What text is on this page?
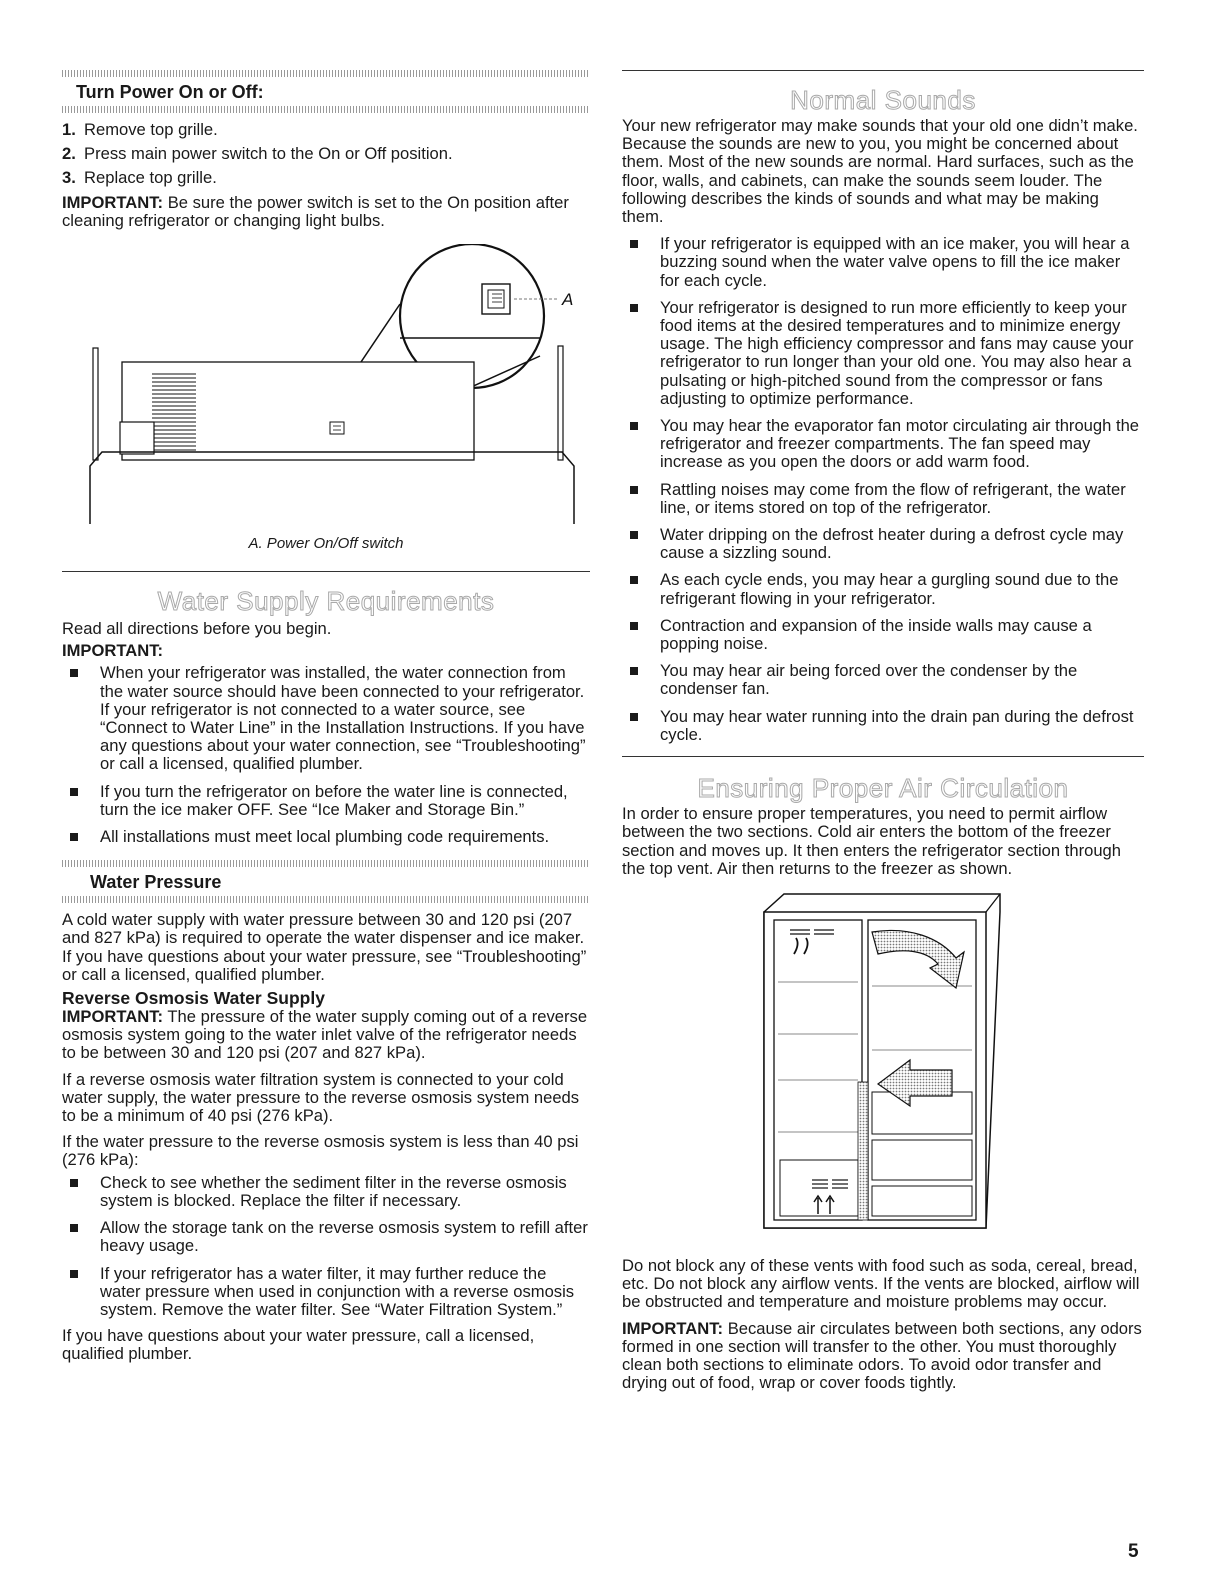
Turn Power On or Off:
1. Remove top grille.
2. Press main power switch to the On or Off position.
3. Replace top grille.

IMPORTANT: Be sure the power switch is set to the On position after cleaning refrigerator or changing light bulbs.

A
A. Power On/Off switch
Water Supply Requirements

Read all directions before you begin.

IMPORTANT:

When your refrigerator was installed, the water connection from the water source should have been connected to your refrigerator. If your refrigerator is not connected to a water source, see “Connect to Water Line” in the Installation Instructions. If you have any questions about your water connection, see “Troubleshooting” or call a licensed, qualified plumber.
If you turn the refrigerator on before the water line is connected, turn the ice maker OFF. See “Ice Maker and Storage Bin.”
All installations must meet local plumbing code requirements.
Water Pressure

A cold water supply with water pressure between 30 and 120 psi (207 and 827 kPa) is required to operate the water dispenser and ice maker. If you have questions about your water pressure, see “Troubleshooting” or call a licensed, qualified plumber.

Reverse Osmosis Water Supply

IMPORTANT: The pressure of the water supply coming out of a reverse osmosis system going to the water inlet valve of the refrigerator needs to be between 30 and 120 psi (207 and 827 kPa).

If a reverse osmosis water filtration system is connected to your cold water supply, the water pressure to the reverse osmosis system needs to be a minimum of 40 psi (276 kPa).

If the water pressure to the reverse osmosis system is less than 40 psi (276 kPa):

Check to see whether the sediment filter in the reverse osmosis system is blocked. Replace the filter if necessary.
Allow the storage tank on the reverse osmosis system to refill after heavy usage.
If your refrigerator has a water filter, it may further reduce the water pressure when used in conjunction with a reverse osmosis system. Remove the water filter. See “Water Filtration System.”

If you have questions about your water pressure, call a licensed, qualified plumber.

Normal Sounds

Your new refrigerator may make sounds that your old one didn’t make. Because the sounds are new to you, you might be concerned about them. Most of the new sounds are normal. Hard surfaces, such as the floor, walls, and cabinets, can make the sounds seem louder. The following describes the kinds of sounds and what may be making them.

If your refrigerator is equipped with an ice maker, you will hear a buzzing sound when the water valve opens to fill the ice maker for each cycle.
Your refrigerator is designed to run more efficiently to keep your food items at the desired temperatures and to minimize energy usage. The high efficiency compressor and fans may cause your refrigerator to run longer than your old one. You may also hear a pulsating or high-pitched sound from the compressor or fans adjusting to optimize performance.
You may hear the evaporator fan motor circulating air through the refrigerator and freezer compartments. The fan speed may increase as you open the doors or add warm food.
Rattling noises may come from the flow of refrigerant, the water line, or items stored on top of the refrigerator.
Water dripping on the defrost heater during a defrost cycle may cause a sizzling sound.
As each cycle ends, you may hear a gurgling sound due to the refrigerant flowing in your refrigerator.
Contraction and expansion of the inside walls may cause a popping noise.
You may hear air being forced over the condenser by the condenser fan.
You may hear water running into the drain pan during the defrost cycle.
Ensuring Proper Air Circulation

In order to ensure proper temperatures, you need to permit airflow between the two sections. Cold air enters the bottom of the freezer section and moves up. It then enters the refrigerator section through the top vent. Air then returns to the freezer as shown.

Do not block any of these vents with food such as soda, cereal, bread, etc. Do not block any airflow vents. If the vents are blocked, airflow will be obstructed and temperature and moisture problems may occur.

IMPORTANT: Because air circulates between both sections, any odors formed in one section will transfer to the other. You must thoroughly clean both sections to eliminate odors. To avoid odor transfer and drying out of food, wrap or cover foods tightly.

5
